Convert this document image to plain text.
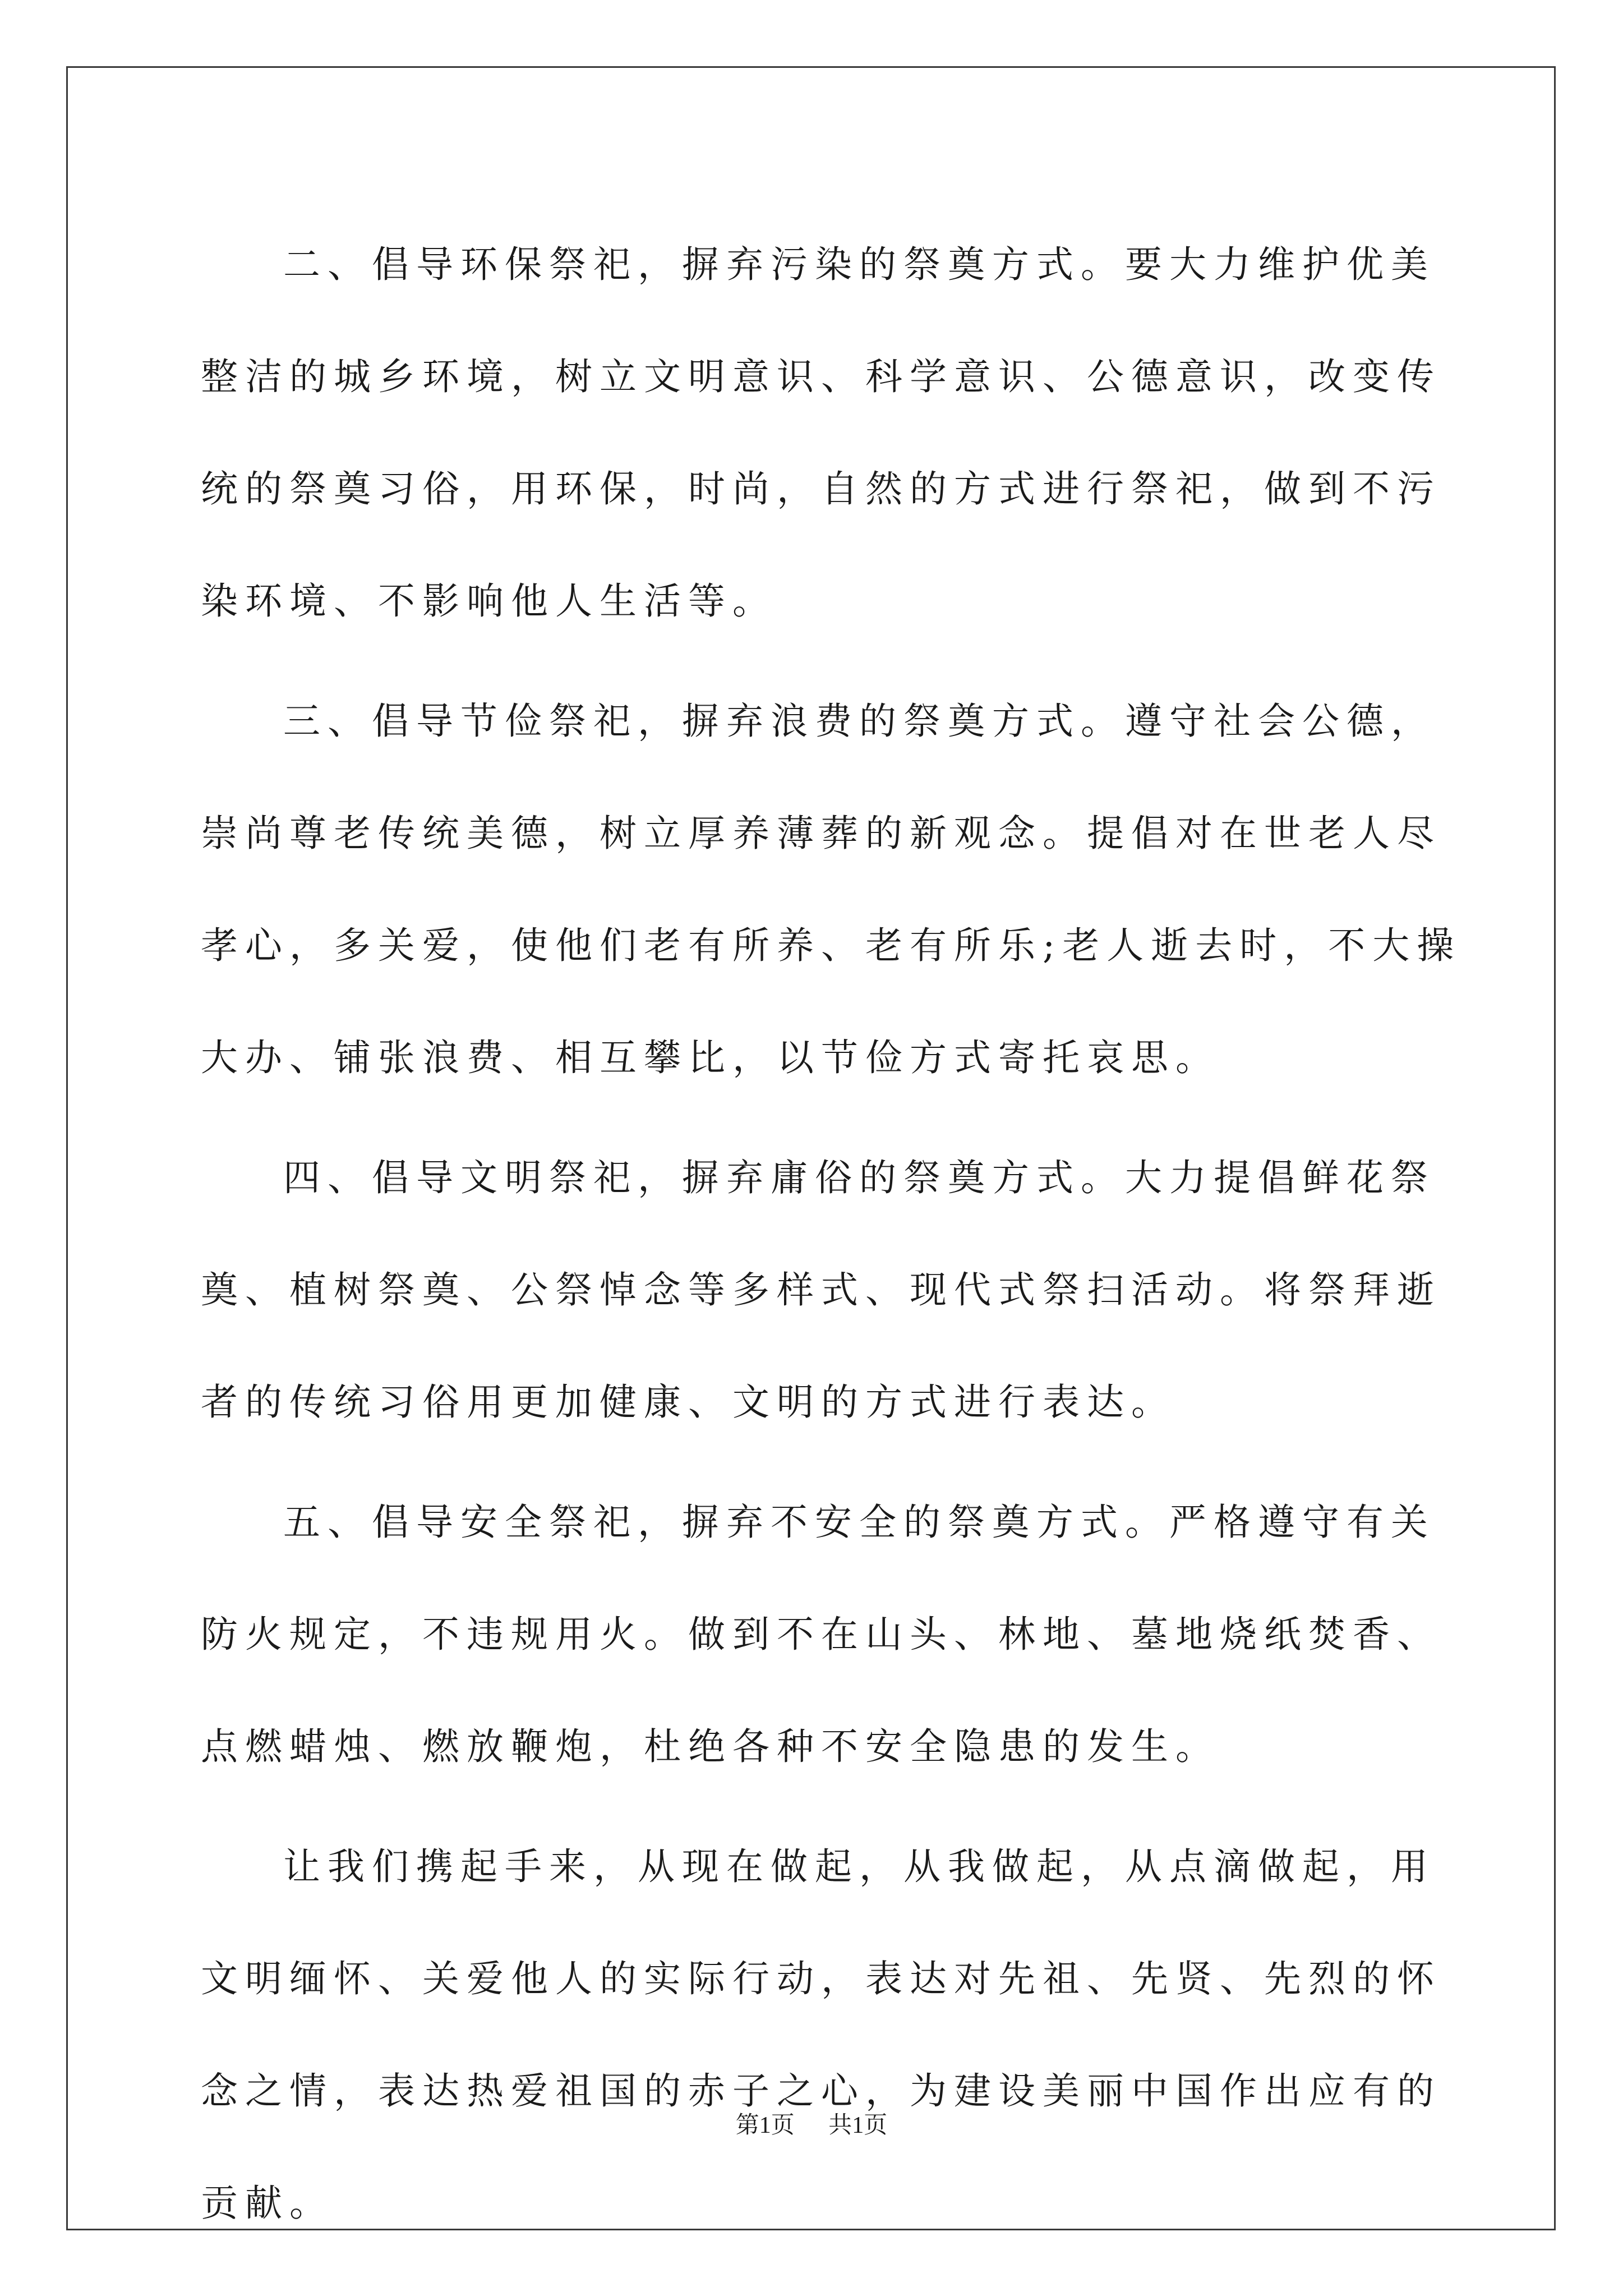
二、倡导环保祭祀，摒弃污染的祭奠方式。要大力维护优美整洁的城乡环境，树立文明意识、科学意识、公德意识，改变传统的祭奠习俗，用环保，时尚，自然的方式进行祭祀，做到不污染环境、不影响他人生活等。

三、倡导节俭祭祀，摒弃浪费的祭奠方式。遵守社会公德，崇尚尊老传统美德，树立厚养薄葬的新观念。提倡对在世老人尽孝心，多关爱，使他们老有所养、老有所乐;老人逝去时，不大操大办、铺张浪费、相互攀比，以节俭方式寄托哀思。

四、倡导文明祭祀，摒弃庸俗的祭奠方式。大力提倡鲜花祭奠、植树祭奠、公祭悼念等多样式、现代式祭扫活动。将祭拜逝者的传统习俗用更加健康、文明的方式进行表达。

五、倡导安全祭祀，摒弃不安全的祭奠方式。严格遵守有关防火规定，不违规用火。做到不在山头、林地、墓地烧纸焚香、点燃蜡烛、燃放鞭炮，杜绝各种不安全隐患的发生。

让我们携起手来，从现在做起，从我做起，从点滴做起，用文明缅怀、关爱他人的实际行动，表达对先祖、先贤、先烈的怀念之情，表达热爱祖国的赤子之心，为建设美丽中国作出应有的贡献。

第1页 共1页
